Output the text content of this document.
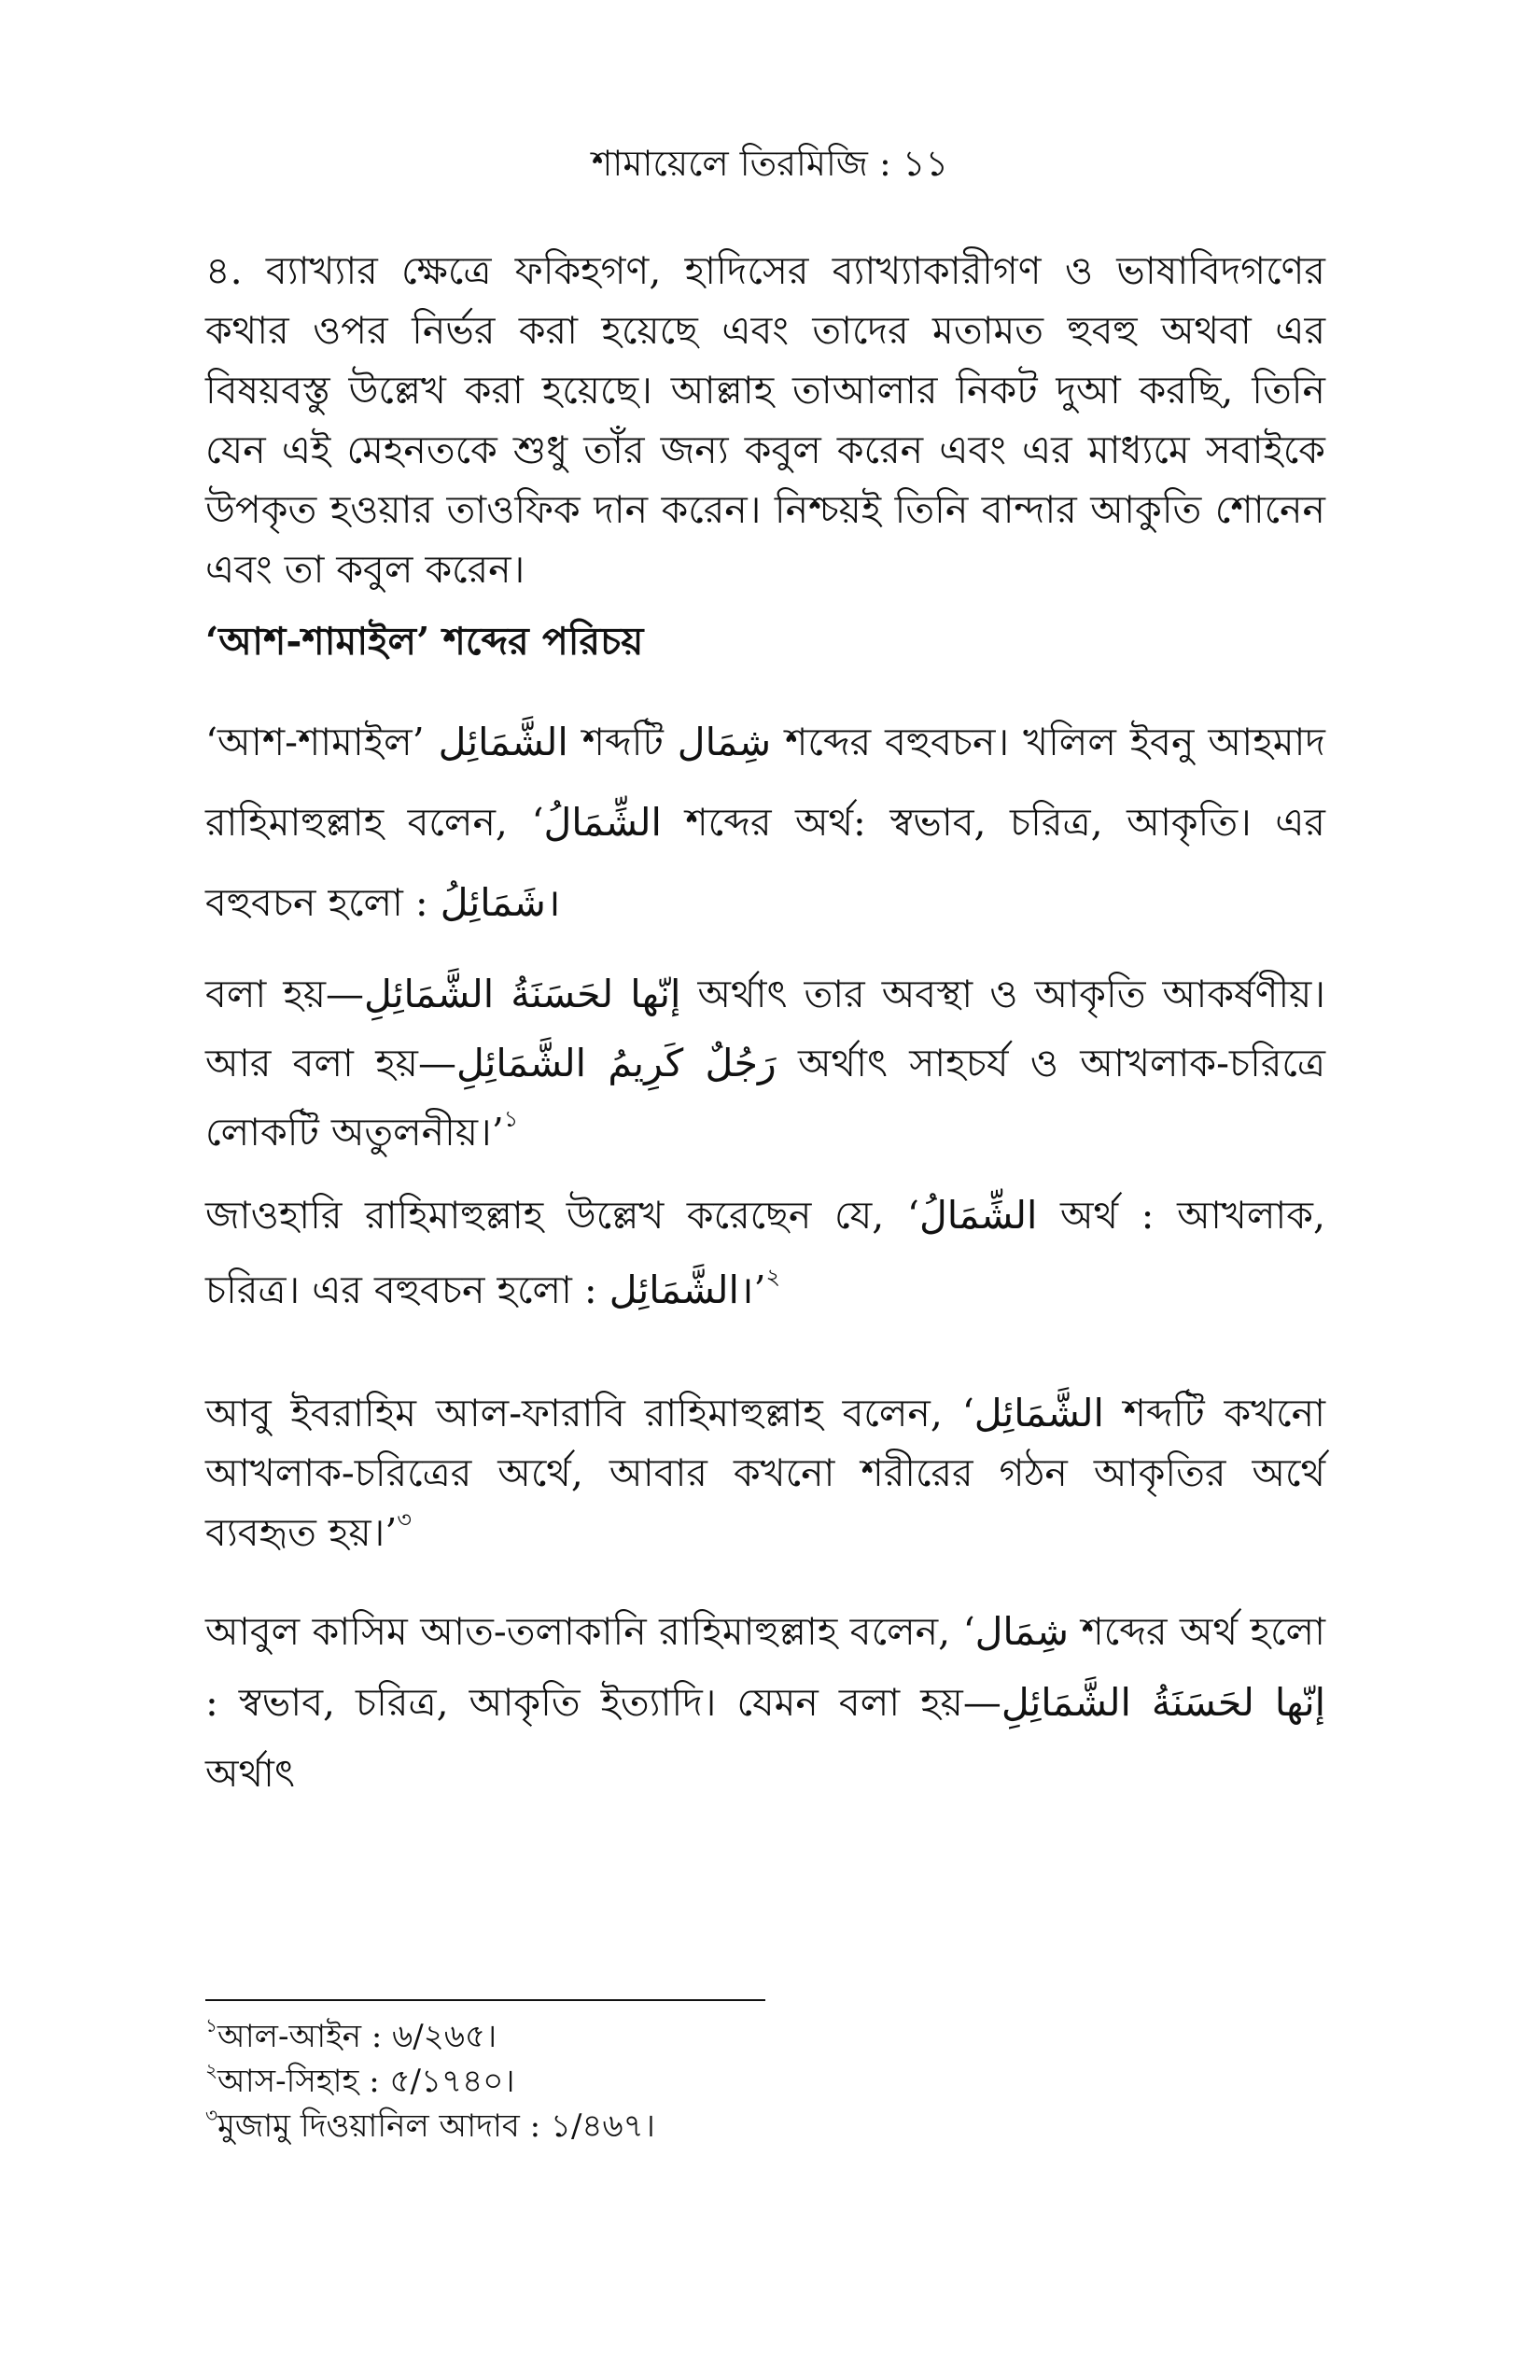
শামায়েলে তিরমিজি : ১১

৪. ব্যাখ্যার ক্ষেত্রে ফকিহগণ, হাদিসের ব্যাখ্যাকারীগণ ও ভাষাবিদগণের কথার ওপর নির্ভর করা হয়েছে এবং তাদের মতামত হুবহু অথবা এর বিষয়বস্তু উল্লেখ করা হয়েছে। আল্লাহ তাআলার নিকট দুআ করছি, তিনি যেন এই মেহনতকে শুধু তাঁর জন্য কবুল করেন এবং এর মাধ্যমে সবাইকে উপকৃত হওয়ার তাওফিক দান করেন। নিশ্চয়ই তিনি বান্দার আকুতি শোনেন এবং তা কবুল করেন।

‘আশ-শামাইল’ শব্দের পরিচয়

‘আশ-শামাইল’ الشَّمَائِل শব্দটি شِمَال শব্দের বহুবচন। খলিল ইবনু আহমাদ রাহিমাহুল্লাহ বলেন, ‘الشِّمَالُ শব্দের অর্থ: স্বভাব, চরিত্র, আকৃতি। এর বহুবচন হলো : شَمَائِلُ।

বলা হয়—إنّها لحَسَنَةُ الشَّمَائِلِ অর্থাৎ তার অবস্থা ও আকৃতি আকর্ষণীয়। আর বলা হয়—رَجُلٌ كَرِيمُ الشَّمَائِلِ অর্থাৎ সাহচর্য ও আখলাক-চরিত্রে লোকটি অতুলনীয়।’$^১$

জাওহারি রাহিমাহুল্লাহ উল্লেখ করেছেন যে, ‘الشِّمَالُ অর্থ : আখলাক, চরিত্র। এর বহুবচন হলো : الشَّمَائِل।’$^২$

আবু ইবরাহিম আল-ফারাবি রাহিমাহুল্লাহ বলেন, ‘الشَّمَائِل শব্দটি কখনো আখলাক-চরিত্রের অর্থে, আবার কখনো শরীরের গঠন আকৃতির অর্থে ব্যবহৃত হয়।’$^৩$

আবুল কাসিম আত-তলাকানি রাহিমাহুল্লাহ বলেন, ‘شِمَال শব্দের অর্থ হলো : স্বভাব, চরিত্র, আকৃতি ইত্যাদি। যেমন বলা হয়—إنّها لحَسَنَةُ الشَّمَائِلِ অর্থাৎ

$^১$আল-আইন : ৬/২৬৫।

$^২$আস-সিহাহ : ৫/১৭৪০।

$^৩$মুজামু দিওয়ানিল আদাব : ১/৪৬৭।
